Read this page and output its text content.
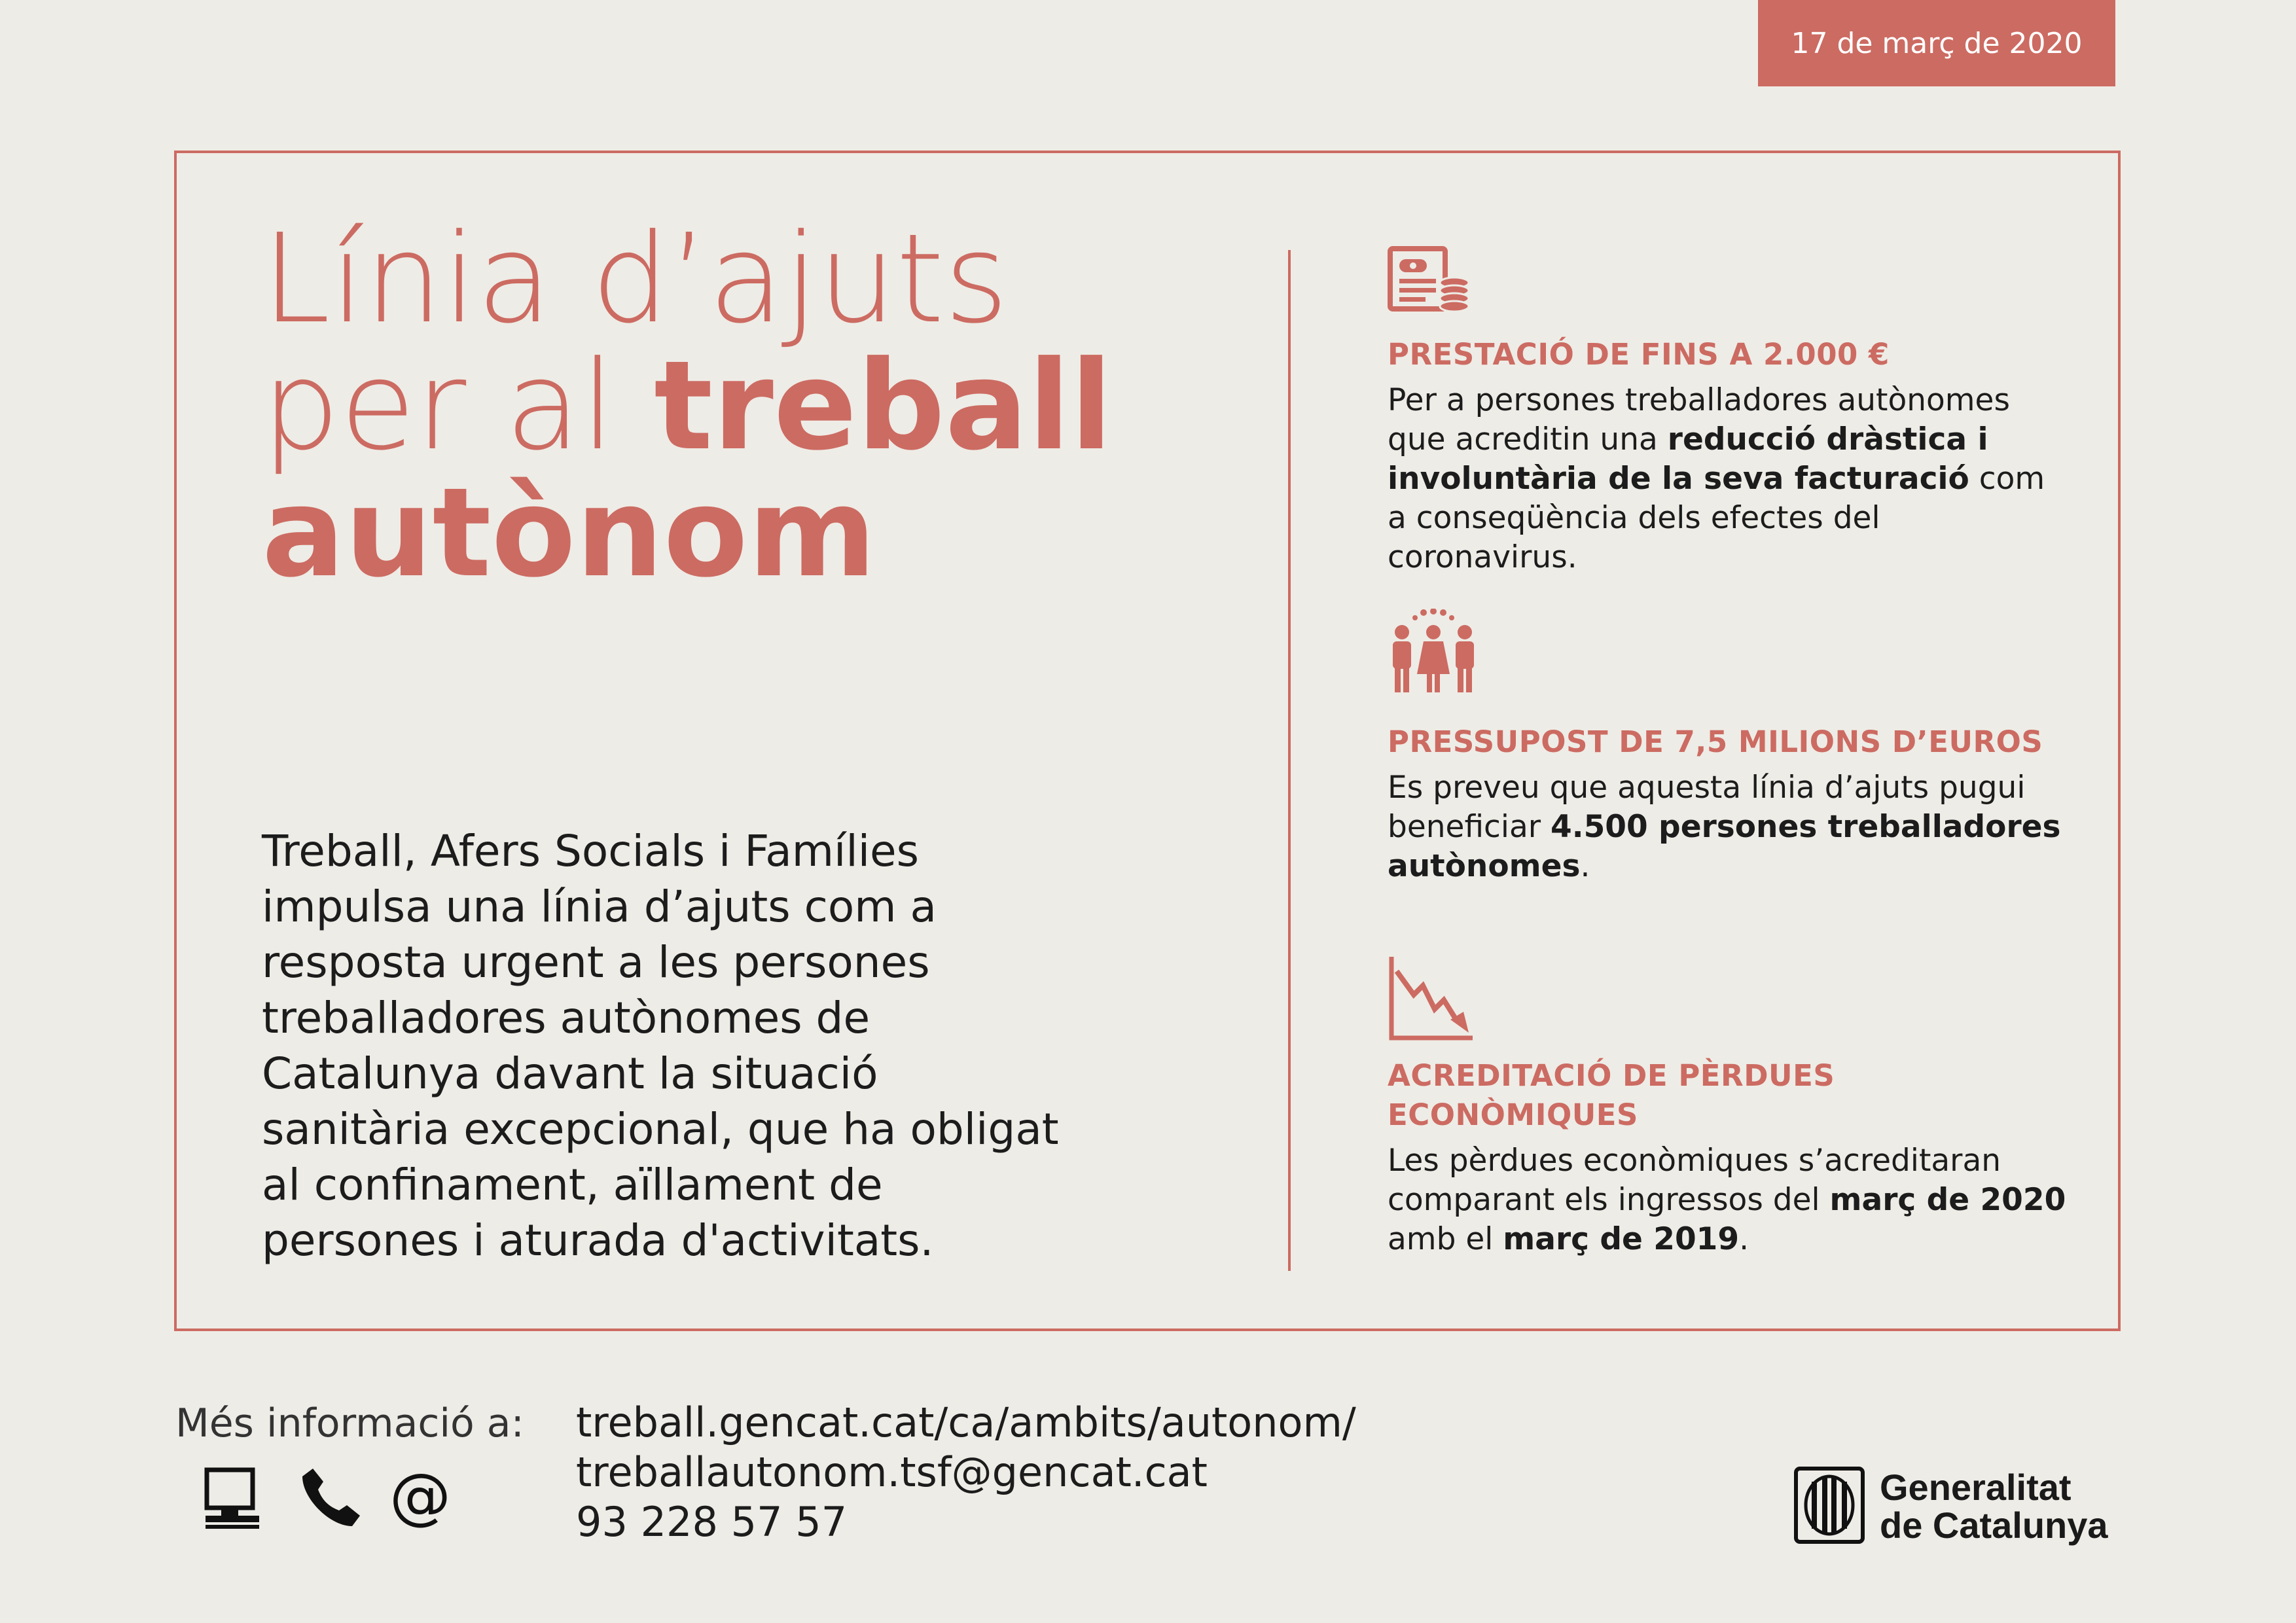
17 de març de 2020
Línia d’ajuts
per al treball
autònom
Treball, Afers Socials i Famílies impulsa una línia d’ajuts com a resposta urgent a les persones treballadores autònomes de Catalunya davant la situació sanitària excepcional, que ha obligat al confinament, aïllament de persones i aturada d'activitats.
PRESTACIÓ DE FINS A 2.000 €

Per a persones treballadores autònomes que acreditin una reducció dràstica i involuntària de la seva facturació com a conseqüència dels efectes del coronavirus.

PRESSUPOST DE 7,5 MILIONS D’EUROS

Es preveu que aquesta línia d’ajuts pugui beneficiar 4.500 persones treballadores autònomes.

ACREDITACIÓ DE PÈRDUES ECONÒMIQUES

Les pèrdues econòmiques s’acreditaran comparant els ingressos del març de 2020 amb el març de 2019.

Més informació a:
@
treball.gencat.cat/ca/ambits/autonom/
treballautonom.tsf@gencat.cat
93 228 57 57
Generalitat
de Catalunya
